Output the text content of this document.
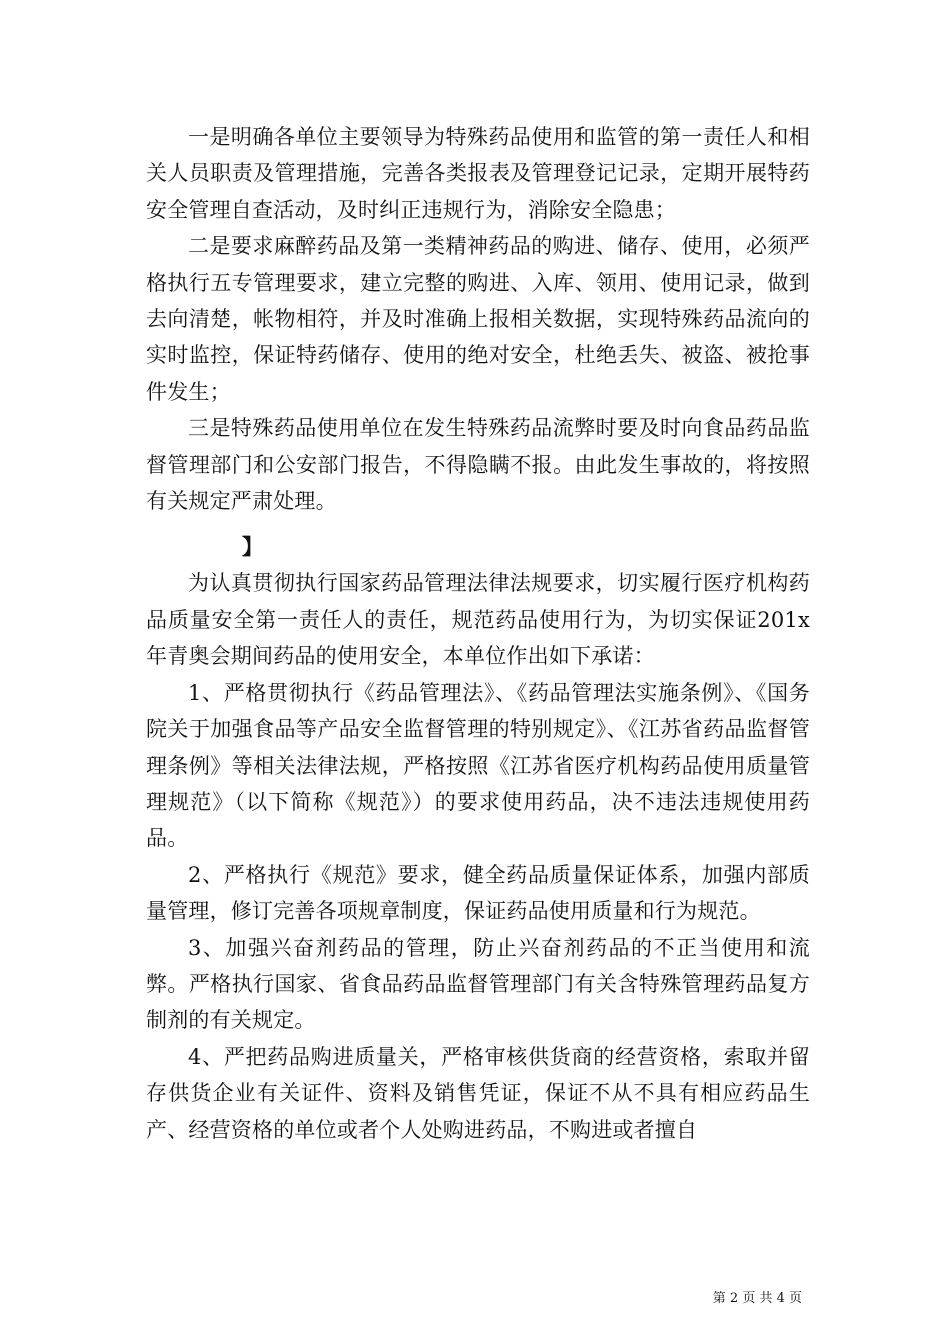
一是明确各单位主要领导为特殊药品使用和监管的第一责任人和相关人员职责及管理措施，完善各类报表及管理登记记录，定期开展特药安全管理自查活动，及时纠正违规行为，消除安全隐患；

二是要求麻醉药品及第一类精神药品的购进、储存、使用，必须严格执行五专管理要求，建立完整的购进、入库、领用、使用记录，做到去向清楚，帐物相符，并及时准确上报相关数据，实现特殊药品流向的实时监控，保证特药储存、使用的绝对安全，杜绝丢失、被盗、被抢事件发生；

三是特殊药品使用单位在发生特殊药品流弊时要及时向食品药品监督管理部门和公安部门报告，不得隐瞒不报。由此发生事故的，将按照有关规定严肃处理。

】

为认真贯彻执行国家药品管理法律法规要求，切实履行医疗机构药品质量安全第一责任人的责任，规范药品使用行为，为切实保证201x年青奥会期间药品的使用安全，本单位作出如下承诺：

1、严格贯彻执行《药品管理法》、《药品管理法实施条例》、《国务院关于加强食品等产品安全监督管理的特别规定》、《江苏省药品监督管理条例》等相关法律法规，严格按照《江苏省医疗机构药品使用质量管理规范》（以下简称《规范》）的要求使用药品，决不违法违规使用药品。

2、严格执行《规范》要求，健全药品质量保证体系，加强内部质量管理，修订完善各项规章制度，保证药品使用质量和行为规范。

3、加强兴奋剂药品的管理，防止兴奋剂药品的不正当使用和流弊。严格执行国家、省食品药品监督管理部门有关含特殊管理药品复方制剂的有关规定。

4、严把药品购进质量关，严格审核供货商的经营资格，索取并留存供货企业有关证件、资料及销售凭证，保证不从不具有相应药品生产、经营资格的单位或者个人处购进药品，不购进或者擅自

第 2 页 共 4 页
